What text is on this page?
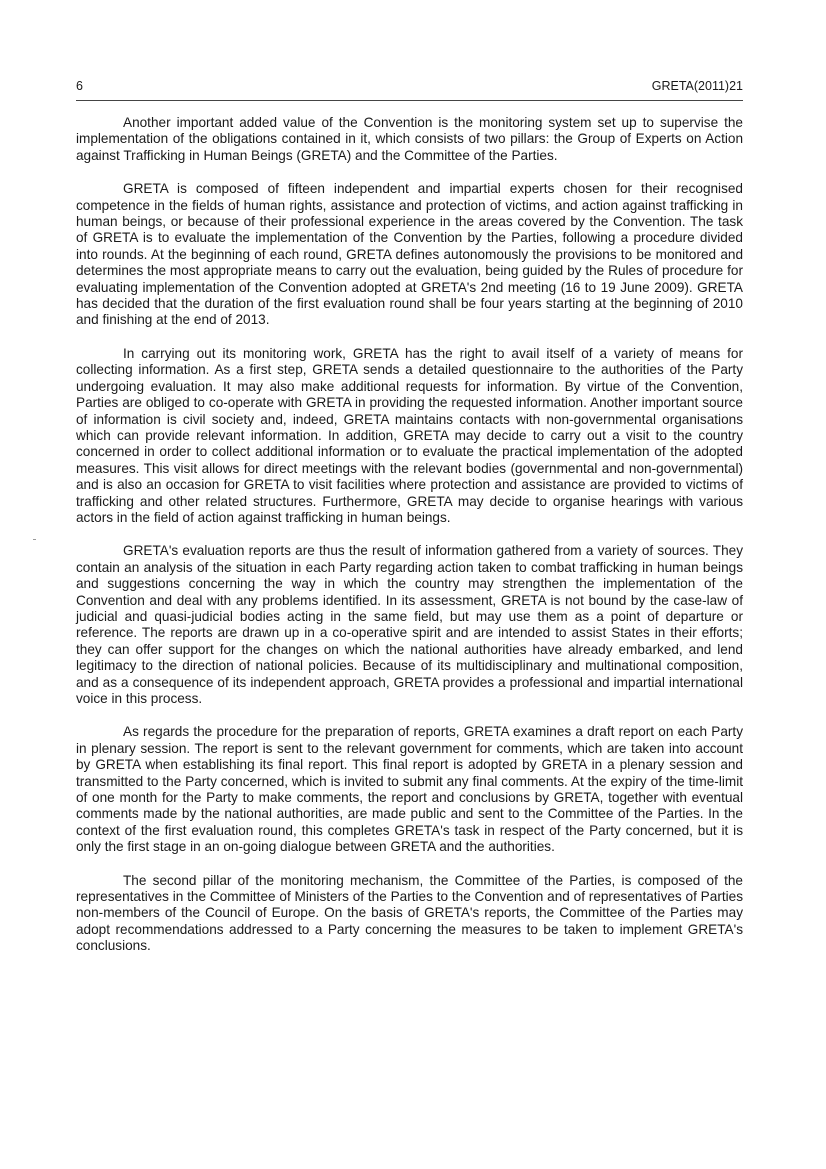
6	GRETA(2011)21

Another important added value of the Convention is the monitoring system set up to supervise the implementation of the obligations contained in it, which consists of two pillars: the Group of Experts on Action against Trafficking in Human Beings (GRETA) and the Committee of the Parties.

GRETA is composed of fifteen independent and impartial experts chosen for their recognised competence in the fields of human rights, assistance and protection of victims, and action against trafficking in human beings, or because of their professional experience in the areas covered by the Convention. The task of GRETA is to evaluate the implementation of the Convention by the Parties, following a procedure divided into rounds. At the beginning of each round, GRETA defines autonomously the provisions to be monitored and determines the most appropriate means to carry out the evaluation, being guided by the Rules of procedure for evaluating implementation of the Convention adopted at GRETA's 2nd meeting (16 to 19 June 2009). GRETA has decided that the duration of the first evaluation round shall be four years starting at the beginning of 2010 and finishing at the end of 2013.

In carrying out its monitoring work, GRETA has the right to avail itself of a variety of means for collecting information. As a first step, GRETA sends a detailed questionnaire to the authorities of the Party undergoing evaluation. It may also make additional requests for information. By virtue of the Convention, Parties are obliged to co-operate with GRETA in providing the requested information. Another important source of information is civil society and, indeed, GRETA maintains contacts with non-governmental organisations which can provide relevant information. In addition, GRETA may decide to carry out a visit to the country concerned in order to collect additional information or to evaluate the practical implementation of the adopted measures. This visit allows for direct meetings with the relevant bodies (governmental and non-governmental) and is also an occasion for GRETA to visit facilities where protection and assistance are provided to victims of trafficking and other related structures. Furthermore, GRETA may decide to organise hearings with various actors in the field of action against trafficking in human beings.

GRETA's evaluation reports are thus the result of information gathered from a variety of sources. They contain an analysis of the situation in each Party regarding action taken to combat trafficking in human beings and suggestions concerning the way in which the country may strengthen the implementation of the Convention and deal with any problems identified. In its assessment, GRETA is not bound by the case-law of judicial and quasi-judicial bodies acting in the same field, but may use them as a point of departure or reference. The reports are drawn up in a co-operative spirit and are intended to assist States in their efforts; they can offer support for the changes on which the national authorities have already embarked, and lend legitimacy to the direction of national policies. Because of its multidisciplinary and multinational composition, and as a consequence of its independent approach, GRETA provides a professional and impartial international voice in this process.

As regards the procedure for the preparation of reports, GRETA examines a draft report on each Party in plenary session. The report is sent to the relevant government for comments, which are taken into account by GRETA when establishing its final report. This final report is adopted by GRETA in a plenary session and transmitted to the Party concerned, which is invited to submit any final comments. At the expiry of the time-limit of one month for the Party to make comments, the report and conclusions by GRETA, together with eventual comments made by the national authorities, are made public and sent to the Committee of the Parties. In the context of the first evaluation round, this completes GRETA's task in respect of the Party concerned, but it is only the first stage in an on-going dialogue between GRETA and the authorities.

The second pillar of the monitoring mechanism, the Committee of the Parties, is composed of the representatives in the Committee of Ministers of the Parties to the Convention and of representatives of Parties non-members of the Council of Europe. On the basis of GRETA's reports, the Committee of the Parties may adopt recommendations addressed to a Party concerning the measures to be taken to implement GRETA's conclusions.
